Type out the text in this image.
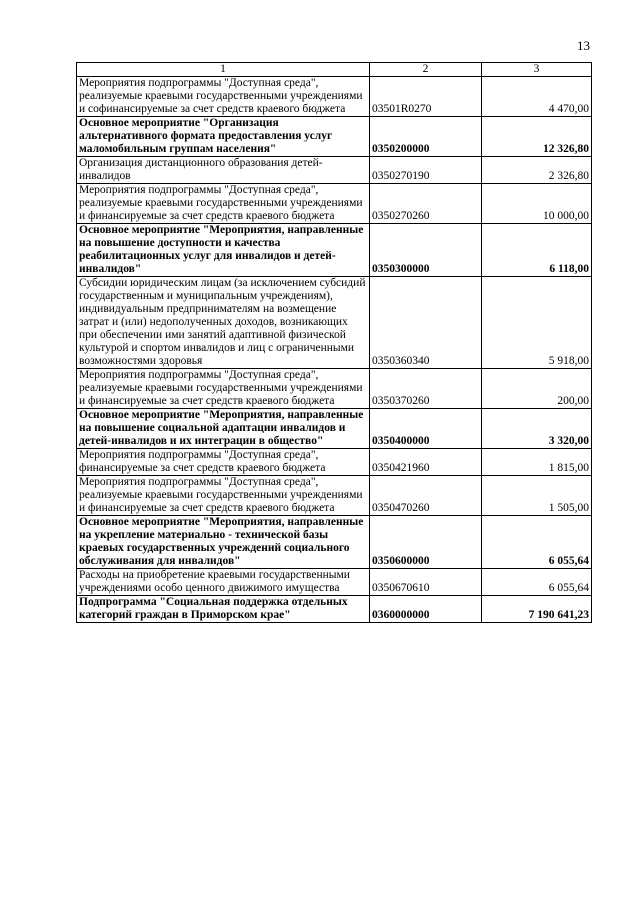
13
1	2	3
Мероприятия подпрограммы "Доступная среда", реализуемые краевыми государственными учреждениями и софинансируемые за счет средств краевого бюджета	03501R0270	4 470,00
Основное мероприятие "Организация альтернативного формата предоставления услуг маломобильным группам населения"	0350200000	12 326,80
Организация дистанционного образования детей-инвалидов	0350270190	2 326,80
Мероприятия подпрограммы "Доступная среда", реализуемые краевыми государственными учреждениями и финансируемые за счет средств краевого бюджета	0350270260	10 000,00
Основное мероприятие "Мероприятия, направленные на повышение доступности и качества реабилитационных услуг для инвалидов и детей-инвалидов"	0350300000	6 118,00
Субсидии юридическим лицам (за исключением субсидий государственным и муниципальным учреждениям), индивидуальным предпринимателям на возмещение затрат и (или) недополученных доходов, возникающих при обеспечении ими занятий адаптивной физической культурой и спортом инвалидов и лиц с ограниченными возможностями здоровья	0350360340	5 918,00
Мероприятия подпрограммы "Доступная среда", реализуемые краевыми государственными учреждениями и финансируемые за счет средств краевого бюджета	0350370260	200,00
Основное мероприятие "Мероприятия, направленные на повышение социальной адаптации инвалидов и детей-инвалидов и их интеграции в общество"	0350400000	3 320,00
Мероприятия подпрограммы "Доступная среда", финансируемые за счет средств краевого бюджета	0350421960	1 815,00
Мероприятия подпрограммы "Доступная среда", реализуемые краевыми государственными учреждениями и финансируемые за счет средств краевого бюджета	0350470260	1 505,00
Основное мероприятие "Мероприятия, направленные на укрепление материально - технической базы краевых государственных учреждений социального обслуживания для инвалидов"	0350600000	6 055,64
Расходы на приобретение краевыми государственными учреждениями особо ценного движимого имущества	0350670610	6 055,64
Подпрограмма "Социальная поддержка отдельных категорий граждан в Приморском крае"	0360000000	7 190 641,23
